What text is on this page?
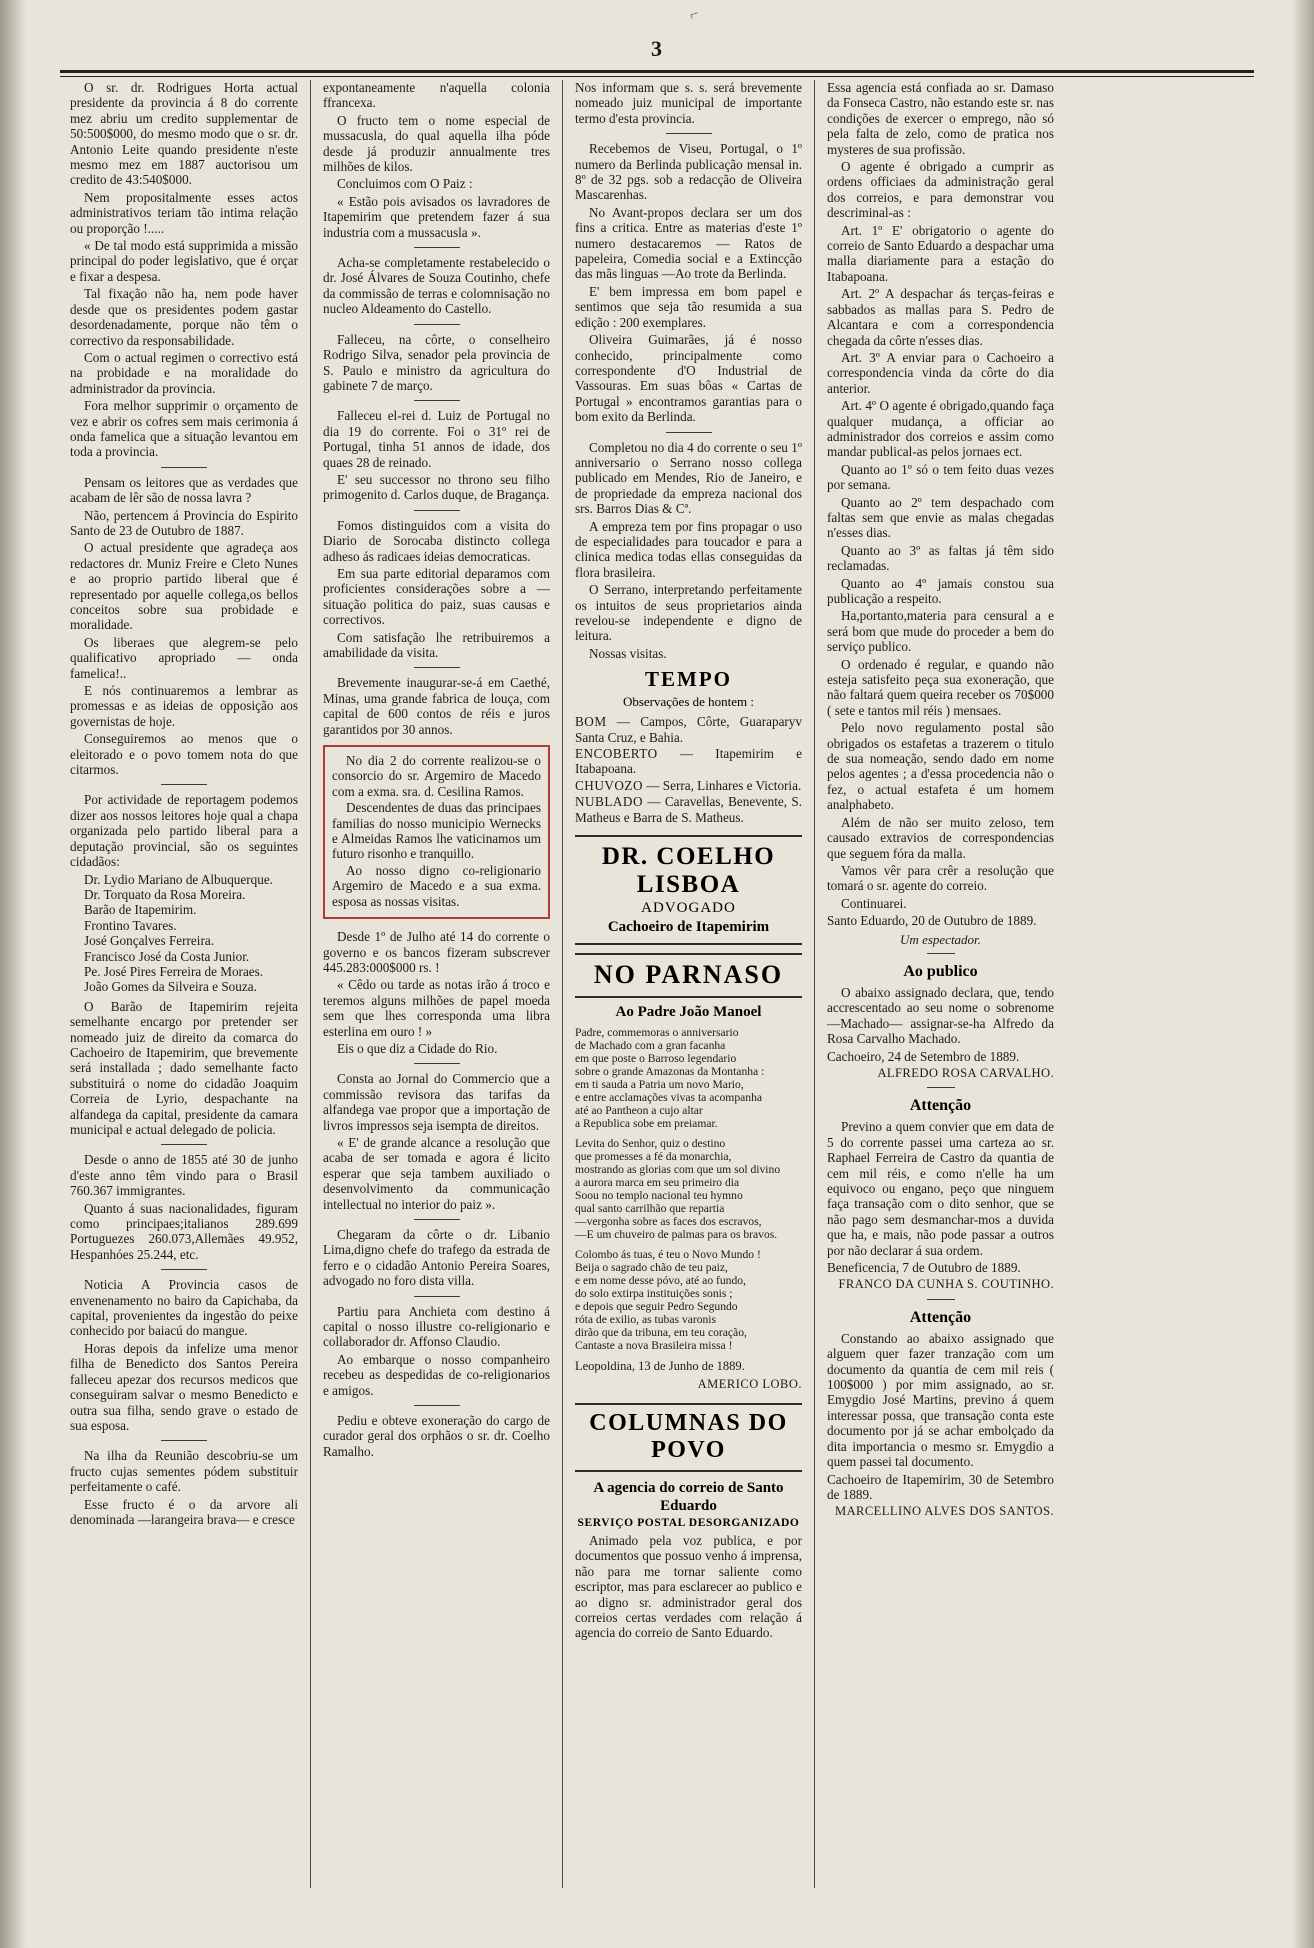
⌐
3

O sr. dr. Rodrigues Horta actual presidente da provincia á 8 do corrente mez abriu um credito supplementar de 50:500$000, do mesmo modo que o sr. dr. Antonio Leite quando presidente n'este mesmo mez em 1887 auctorisou um credito de 43:540$000.

Nem propositalmente esses actos administrativos teriam tão intima relação ou proporção !.....

« De tal modo está supprimida a missão principal do poder legislativo, que é orçar e fixar a despesa.

Tal fixação não ha, nem pode haver desde que os presidentes podem gastar desordenadamente, porque não têm o correctivo da responsabilidade.

Com o actual regimen o correctivo está na probidade e na moralidade do administrador da provincia.

Fora melhor supprimir o orçamento de vez e abrir os cofres sem mais cerimonia á onda famelica que a situação levantou em toda a provincia.

Pensam os leitores que as verdades que acabam de lêr são de nossa lavra ?

Não, pertencem á Provincia do Espirito Santo de 23 de Outubro de 1887.

O actual presidente que agradeça aos redactores dr. Muniz Freire e Cleto Nunes e ao proprio partido liberal que é representado por aquelle collega,os bellos conceitos sobre sua probidade e moralidade.

Os liberaes que alegrem-se pelo qualificativo apropriado — onda famelica!..

E nós continuaremos a lembrar as promessas e as ideias de opposição aos governistas de hoje.

Conseguiremos ao menos que o eleitorado e o povo tomem nota do que citarmos.

Por actividade de reportagem podemos dizer aos nossos leitores hoje qual a chapa organizada pelo partido liberal para a deputação provincial, são os seguintes cidadãos:

Dr. Lydio Mariano de Albuquerque.

Dr. Torquato da Rosa Moreira.

Barão de Itapemirim.

Frontino Tavares.

José Gonçalves Ferreira.

Francisco José da Costa Junior.

Pe. José Pires Ferreira de Moraes.

João Gomes da Silveira e Souza.

O Barão de Itapemirim rejeita semelhante encargo por pretender ser nomeado juiz de direito da comarca do Cachoeiro de Itapemirim, que brevemente será installada ; dado semelhante facto substituirá o nome do cidadão Joaquim Correia de Lyrio, despachante na alfandega da capital, presidente da camara municipal e actual delegado de policia.

Desde o anno de 1855 até 30 de junho d'este anno têm vindo para o Brasil 760.367 immigrantes.

Quanto á suas nacionalidades, figuram como principaes;italianos 289.699 Portuguezes 260.073,Allemães 49.952, Hespanhóes 25.244, etc.

Noticia A Provincia casos de envenenamento no bairo da Capichaba, da capital, provenientes da ingestão do peixe conhecido por baiacú do mangue.

Horas depois da infelize uma menor filha de Benedicto dos Santos Pereira falleceu apezar dos recursos medicos que conseguiram salvar o mesmo Benedicto e outra sua filha, sendo grave o estado de sua esposa.

Na ilha da Reunião descobriu-se um fructo cujas sementes pódem substituir perfeitamente o café.

Esse fructo é o da arvore ali denominada —larangeira brava— e cresce

expontaneamente n'aquella colonia ffrancexa.

O fructo tem o nome especial de mussacusla, do qual aquella ilha póde desde já produzir annualmente tres milhões de kilos.

Concluimos com O Paiz :

« Estão pois avisados os lavradores de Itapemirim que pretendem fazer á sua industria com a mussacusla ».

Acha-se completamente restabelecido o dr. José Álvares de Souza Coutinho, chefe da commissão de terras e colomnisação no nucleo Aldeamento do Castello.

Falleceu, na côrte, o conselheiro Rodrigo Silva, senador pela provincia de S. Paulo e ministro da agricultura do gabinete 7 de março.

Falleceu el-rei d. Luiz de Portugal no dia 19 do corrente. Foi o 31º rei de Portugal, tinha 51 annos de idade, dos quaes 28 de reinado.

E' seu successor no throno seu filho primogenito d. Carlos duque, de Bragança.

Fomos distinguidos com a visita do Diario de Sorocaba distincto collega adheso ás radicaes ideias democraticas.

Em sua parte editorial deparamos com proficientes considerações sobre a — situação politica do paiz, suas causas e correctivos.

Com satisfação lhe retribuiremos a amabilidade da visita.

Brevemente inaugurar-se-á em Caethé, Minas, uma grande fabrica de louça, com capital de 600 contos de réis e juros garantidos por 30 annos.

No dia 2 do corrente realizou-se o consorcio do sr. Argemiro de Macedo com a exma. sra. d. Cesilina Ramos.

Descendentes de duas das principaes familias do nosso municipio Wernecks e Almeidas Ramos lhe vaticinamos um futuro risonho e tranquillo.

Ao nosso digno co-religionario Argemiro de Macedo e a sua exma. esposa as nossas visitas.

Desde 1º de Julho até 14 do corrente o governo e os bancos fizeram subscrever 445.283:000$000 rs. !

« Cêdo ou tarde as notas irão á troco e teremos alguns milhões de papel moeda sem que lhes corresponda uma libra esterlina em ouro ! »

Eis o que diz a Cidade do Rio.

Consta ao Jornal do Commercio que a commissão revisora das tarifas da alfandega vae propor que a importação de livros impressos seja isempta de direitos.

« E' de grande alcance a resolução que acaba de ser tomada e agora é licito esperar que seja tambem auxiliado o desenvolvimento da communicação intellectual no interior do paiz ».

Chegaram da côrte o dr. Libanio Lima,digno chefe do trafego da estrada de ferro e o cidadão Antonio Pereira Soares, advogado no foro dista villa.

Partiu para Anchieta com destino á capital o nosso illustre co-religionario e collaborador dr. Affonso Claudio.

Ao embarque o nosso companheiro recebeu as despedidas de co-religionarios e amigos.

Pediu e obteve exoneração do cargo de curador geral dos orphãos o sr. dr. Coelho Ramalho.

Nos informam que s. s. será brevemente nomeado juiz municipal de importante termo d'esta provincia.

Recebemos de Viseu, Portugal, o 1º numero da Berlinda publicação mensal in. 8º de 32 pgs. sob a redacção de Oliveira Mascarenhas.

No Avant-propos declara ser um dos fins a critica. Entre as materias d'este 1º numero destacaremos — Ratos de papeleira, Comedia social e a Extincção das mãs linguas —Ao trote da Berlinda.

E' bem impressa em bom papel e sentimos que seja tão resumida a sua edição : 200 exemplares.

Oliveira Guimarães, já é nosso conhecido, principalmente como correspondente d'O Industrial de Vassouras. Em suas bôas « Cartas de Portugal » encontramos garantias para o bom exito da Berlinda.

Completou no dia 4 do corrente o seu 1º anniversario o Serrano nosso collega publicado em Mendes, Rio de Janeiro, e de propriedade da empreza nacional dos srs. Barros Dias & Cª.

A empreza tem por fins propagar o uso de especialidades para toucador e para a clinica medica todas ellas conseguidas da flora brasileira.

O Serrano, interpretando perfeitamente os intuitos de seus proprietarios ainda revelou-se independente e digno de leitura.

Nossas visitas.

TEMPO
Observações de hontem :

BOM — Campos, Côrte, Guaraparyv Santa Cruz, e Bahia.

ENCOBERTO — Itapemirim e Itabapoana.

CHUVOZO — Serra, Linhares e Victoria.

NUBLADO — Caravellas, Benevente, S. Matheus e Barra de S. Matheus.

DR. COELHO LISBOA
ADVOGADO
Cachoeiro de Itapemirim
NO PARNASO
Ao Padre João Manoel

Padre, commemoras o anniversario

de Machado com a gran facanha

em que poste o Barroso legendario

sobre o grande Amazonas da Montanha :

em ti sauda a Patria um novo Mario,

e entre acclamações vivas ta acompanha

até ao Pantheon a cujo altar

a Republica sobe em preiamar.

Levita do Senhor, quiz o destino

que promesses a fé da monarchia,

mostrando as glorias com que um sol divino

a aurora marca em seu primeiro dia

Soou no templo nacional teu hymno

qual santo carrilhão que repartia

—vergonha sobre as faces dos escravos,

—E um chuveiro de palmas para os bravos.

Colombo ás tuas, é teu o Novo Mundo !

Beija o sagrado chão de teu paiz,

e em nome desse póvo, até ao fundo,

do solo extirpa instituições sonis ;

e depois que seguir Pedro Segundo

róta de exilio, as tubas varonis

dirão que da tribuna, em teu coração,

Cantaste a nova Brasileira missa !

Leopoldina, 13 de Junho de 1889.

AMERICO LOBO.

COLUMNAS DO POVO
A agencia do correio de Santo Eduardo
SERVIÇO POSTAL DESORGANIZADO

Animado pela voz publica, e por documentos que possuo venho á imprensa, não para me tornar saliente como escriptor, mas para esclarecer ao publico e ao digno sr. administrador geral dos correios certas verdades com relação á agencia do correio de Santo Eduardo.

Essa agencia está confiada ao sr. Damaso da Fonseca Castro, não estando este sr. nas condições de exercer o emprego, não só pela falta de zelo, como de pratica nos mysteres de sua profissão.

O agente é obrigado a cumprir as ordens officiaes da administração geral dos correios, e para demonstrar vou descriminal-as :

Art. 1º E' obrigatorio o agente do correio de Santo Eduardo a despachar uma malla diariamente para a estação do Itabapoana.

Art. 2º A despachar ás terças-feiras e sabbados as mallas para S. Pedro de Alcantara e com a correspondencia chegada da côrte n'esses dias.

Art. 3º A enviar para o Cachoeiro a correspondencia vinda da côrte do dia anterior.

Art. 4º O agente é obrigado,quando faça qualquer mudança, a officiar ao administrador dos correios e assim como mandar publical-as pelos jornaes ect.

Quanto ao 1º só o tem feito duas vezes por semana.

Quanto ao 2º tem despachado com faltas sem que envie as malas chegadas n'esses dias.

Quanto ao 3º as faltas já têm sido reclamadas.

Quanto ao 4º jamais constou sua publicação a respeito.

Ha,portanto,materia para censural a e será bom que mude do proceder a bem do serviço publico.

O ordenado é regular, e quando não esteja satisfeito peça sua exoneração, que não faltará quem queira receber os 70$000 ( sete e tantos mil réis ) mensaes.

Pelo novo regulamento postal são obrigados os estafetas a trazerem o titulo de sua nomeação, sendo dado em nome pelos agentes ; a d'essa procedencia não o fez, o actual estafeta é um homem analphabeto.

Além de não ser muito zeloso, tem causado extravios de correspondencias que seguem fóra da malla.

Vamos vêr para crêr a resolução que tomará o sr. agente do correio.

Continuarei.

Santo Eduardo, 20 de Outubro de 1889.

Um espectador.

Ao publico

O abaixo assignado declara, que, tendo accrescentado ao seu nome o sobrenome —Machado— assignar-se-ha Alfredo da Rosa Carvalho Machado.

Cachoeiro, 24 de Setembro de 1889.

ALFREDO ROSA CARVALHO.

Attenção

Previno a quem convier que em data de 5 do corrente passei uma carteza ao sr. Raphael Ferreira de Castro da quantia de cem mil réis, e como n'elle ha um equivoco ou engano, peço que ninguem faça transação com o dito senhor, que se não pago sem desmanchar-mos a duvida que ha, e mais, não pode passar a outros por não declarar á sua ordem.

Beneficencia, 7 de Outubro de 1889.

FRANCO DA CUNHA S. COUTINHO.

Attenção

Constando ao abaixo assignado que alguem quer fazer tranzação com um documento da quantia de cem mil reis ( 100$000 ) por mim assignado, ao sr. Emygdio José Martins, previno á quem interessar possa, que transação conta este documento por já se achar embolçado da dita importancia o mesmo sr. Emygdio a quem passei tal documento.

Cachoeiro de Itapemirim, 30 de Setembro de 1889.

MARCELLINO ALVES DOS SANTOS.
